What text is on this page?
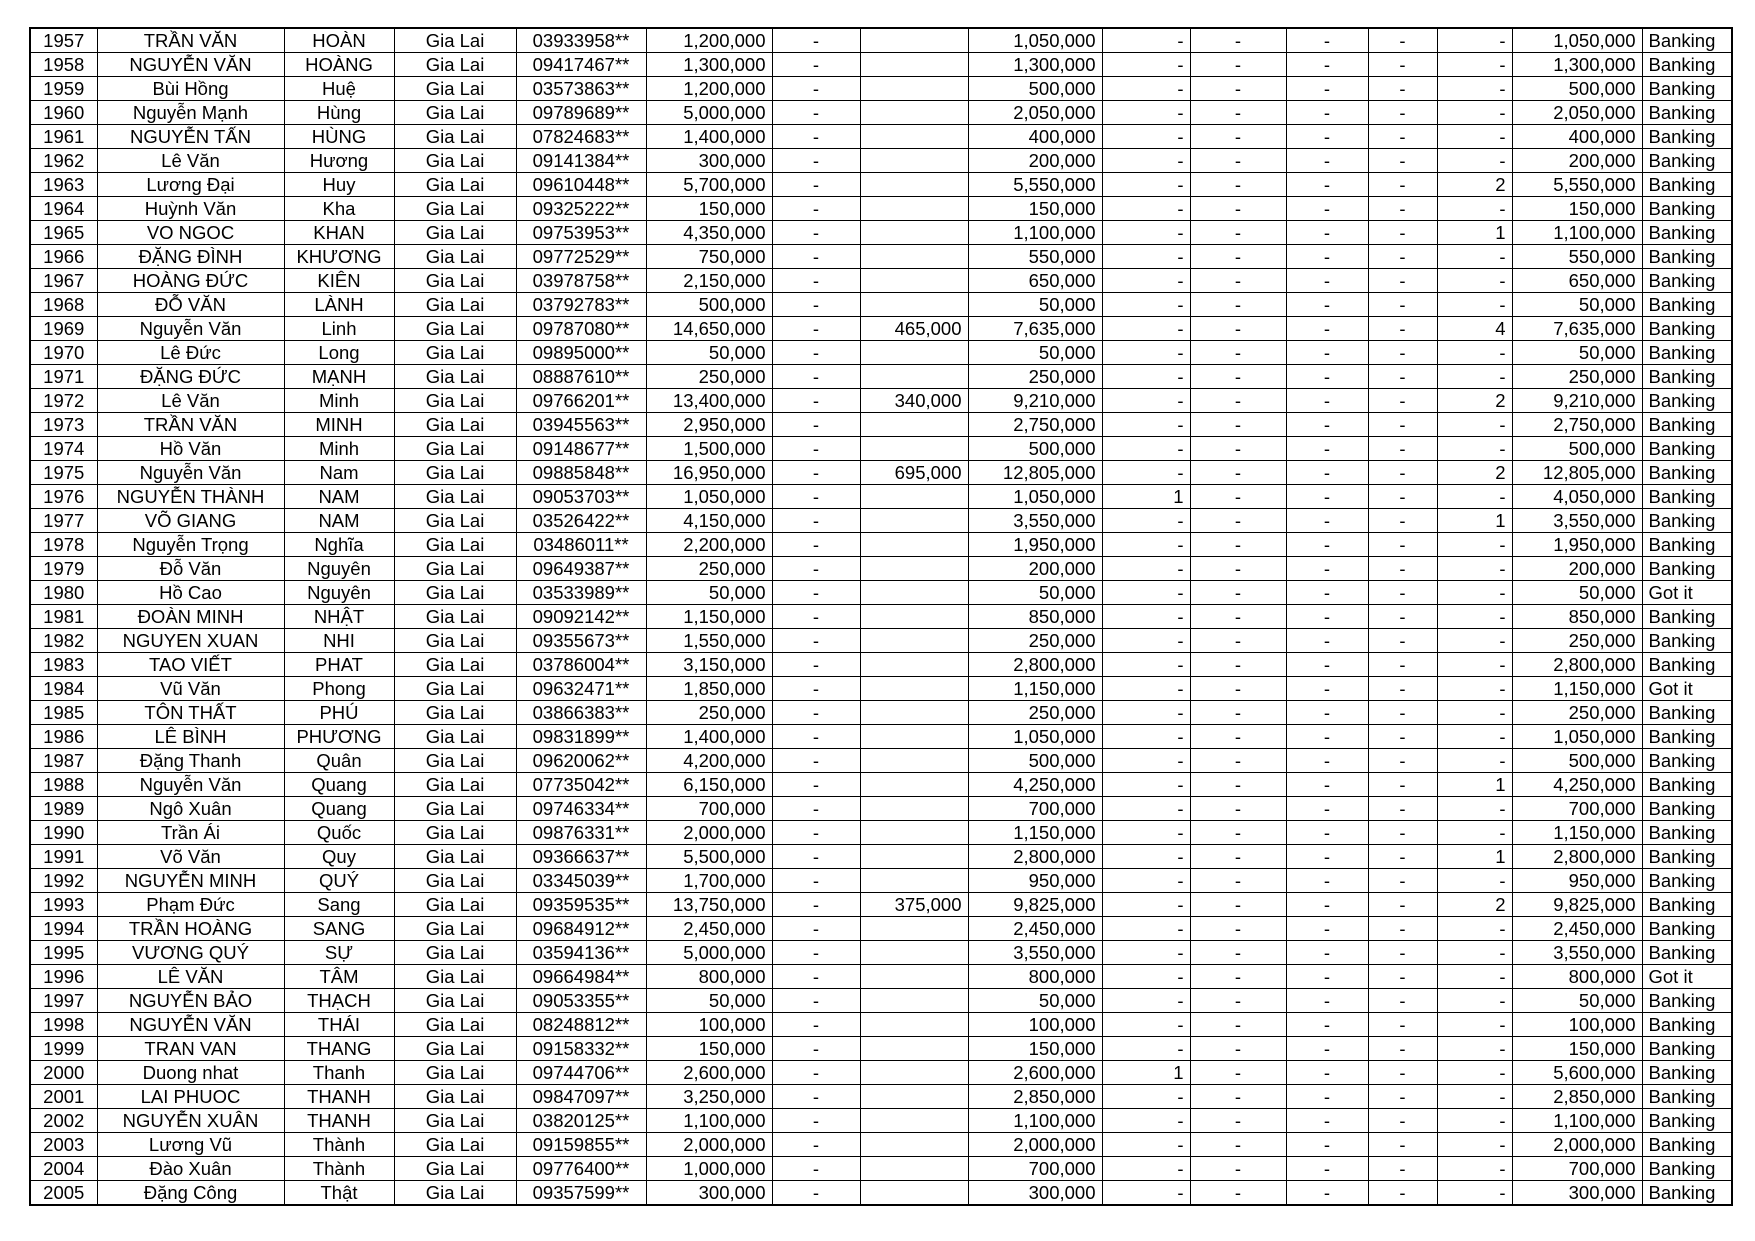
1957	TRẦN VĂN	HOÀN	Gia Lai	03933958**	1,200,000	-		1,050,000	-	-	-	-	-	1,050,000	Banking
1958	NGUYỄN VĂN	HOÀNG	Gia Lai	09417467**	1,300,000	-		1,300,000	-	-	-	-	-	1,300,000	Banking
1959	Bùi Hồng	Huệ	Gia Lai	03573863**	1,200,000	-		500,000	-	-	-	-	-	500,000	Banking
1960	Nguyễn Mạnh	Hùng	Gia Lai	09789689**	5,000,000	-		2,050,000	-	-	-	-	-	2,050,000	Banking
1961	NGUYỄN TẤN	HÙNG	Gia Lai	07824683**	1,400,000	-		400,000	-	-	-	-	-	400,000	Banking
1962	Lê Văn	Hương	Gia Lai	09141384**	300,000	-		200,000	-	-	-	-	-	200,000	Banking
1963	Lương Đại	Huy	Gia Lai	09610448**	5,700,000	-		5,550,000	-	-	-	-	2	5,550,000	Banking
1964	Huỳnh Văn	Kha	Gia Lai	09325222**	150,000	-		150,000	-	-	-	-	-	150,000	Banking
1965	VO NGOC	KHAN	Gia Lai	09753953**	4,350,000	-		1,100,000	-	-	-	-	1	1,100,000	Banking
1966	ĐẶNG ĐÌNH	KHƯƠNG	Gia Lai	09772529**	750,000	-		550,000	-	-	-	-	-	550,000	Banking
1967	HOÀNG ĐỨC	KIÊN	Gia Lai	03978758**	2,150,000	-		650,000	-	-	-	-	-	650,000	Banking
1968	ĐỖ VĂN	LÀNH	Gia Lai	03792783**	500,000	-		50,000	-	-	-	-	-	50,000	Banking
1969	Nguyễn Văn	Linh	Gia Lai	09787080**	14,650,000	-	465,000	7,635,000	-	-	-	-	4	7,635,000	Banking
1970	Lê Đức	Long	Gia Lai	09895000**	50,000	-		50,000	-	-	-	-	-	50,000	Banking
1971	ĐẶNG ĐỨC	MẠNH	Gia Lai	08887610**	250,000	-		250,000	-	-	-	-	-	250,000	Banking
1972	Lê Văn	Minh	Gia Lai	09766201**	13,400,000	-	340,000	9,210,000	-	-	-	-	2	9,210,000	Banking
1973	TRẦN VĂN	MINH	Gia Lai	03945563**	2,950,000	-		2,750,000	-	-	-	-	-	2,750,000	Banking
1974	Hồ Văn	Minh	Gia Lai	09148677**	1,500,000	-		500,000	-	-	-	-	-	500,000	Banking
1975	Nguyễn Văn	Nam	Gia Lai	09885848**	16,950,000	-	695,000	12,805,000	-	-	-	-	2	12,805,000	Banking
1976	NGUYỄN THÀNH	NAM	Gia Lai	09053703**	1,050,000	-		1,050,000	1	-	-	-	-	4,050,000	Banking
1977	VÕ GIANG	NAM	Gia Lai	03526422**	4,150,000	-		3,550,000	-	-	-	-	1	3,550,000	Banking
1978	Nguyễn Trọng	Nghĩa	Gia Lai	03486011**	2,200,000	-		1,950,000	-	-	-	-	-	1,950,000	Banking
1979	Đỗ Văn	Nguyên	Gia Lai	09649387**	250,000	-		200,000	-	-	-	-	-	200,000	Banking
1980	Hồ Cao	Nguyên	Gia Lai	03533989**	50,000	-		50,000	-	-	-	-	-	50,000	Got it
1981	ĐOÀN MINH	NHẬT	Gia Lai	09092142**	1,150,000	-		850,000	-	-	-	-	-	850,000	Banking
1982	NGUYEN XUAN	NHI	Gia Lai	09355673**	1,550,000	-		250,000	-	-	-	-	-	250,000	Banking
1983	TAO VIẾT	PHAT	Gia Lai	03786004**	3,150,000	-		2,800,000	-	-	-	-	-	2,800,000	Banking
1984	Vũ Văn	Phong	Gia Lai	09632471**	1,850,000	-		1,150,000	-	-	-	-	-	1,150,000	Got it
1985	TÔN THẤT	PHÚ	Gia Lai	03866383**	250,000	-		250,000	-	-	-	-	-	250,000	Banking
1986	LÊ BÌNH	PHƯƠNG	Gia Lai	09831899**	1,400,000	-		1,050,000	-	-	-	-	-	1,050,000	Banking
1987	Đặng Thanh	Quân	Gia Lai	09620062**	4,200,000	-		500,000	-	-	-	-	-	500,000	Banking
1988	Nguyễn Văn	Quang	Gia Lai	07735042**	6,150,000	-		4,250,000	-	-	-	-	1	4,250,000	Banking
1989	Ngô Xuân	Quang	Gia Lai	09746334**	700,000	-		700,000	-	-	-	-	-	700,000	Banking
1990	Trần Ái	Quốc	Gia Lai	09876331**	2,000,000	-		1,150,000	-	-	-	-	-	1,150,000	Banking
1991	Võ Văn	Quy	Gia Lai	09366637**	5,500,000	-		2,800,000	-	-	-	-	1	2,800,000	Banking
1992	NGUYỄN MINH	QUÝ	Gia Lai	03345039**	1,700,000	-		950,000	-	-	-	-	-	950,000	Banking
1993	Phạm Đức	Sang	Gia Lai	09359535**	13,750,000	-	375,000	9,825,000	-	-	-	-	2	9,825,000	Banking
1994	TRẦN HOÀNG	SANG	Gia Lai	09684912**	2,450,000	-		2,450,000	-	-	-	-	-	2,450,000	Banking
1995	VƯƠNG QUÝ	SỰ	Gia Lai	03594136**	5,000,000	-		3,550,000	-	-	-	-	-	3,550,000	Banking
1996	LÊ VĂN	TÂM	Gia Lai	09664984**	800,000	-		800,000	-	-	-	-	-	800,000	Got it
1997	NGUYỄN BẢO	THẠCH	Gia Lai	09053355**	50,000	-		50,000	-	-	-	-	-	50,000	Banking
1998	NGUYỄN VĂN	THÁI	Gia Lai	08248812**	100,000	-		100,000	-	-	-	-	-	100,000	Banking
1999	TRAN VAN	THANG	Gia Lai	09158332**	150,000	-		150,000	-	-	-	-	-	150,000	Banking
2000	Duong nhat	Thanh	Gia Lai	09744706**	2,600,000	-		2,600,000	1	-	-	-	-	5,600,000	Banking
2001	LAI PHUOC	THANH	Gia Lai	09847097**	3,250,000	-		2,850,000	-	-	-	-	-	2,850,000	Banking
2002	NGUYỄN XUÂN	THANH	Gia Lai	03820125**	1,100,000	-		1,100,000	-	-	-	-	-	1,100,000	Banking
2003	Lương Vũ	Thành	Gia Lai	09159855**	2,000,000	-		2,000,000	-	-	-	-	-	2,000,000	Banking
2004	Đào Xuân	Thành	Gia Lai	09776400**	1,000,000	-		700,000	-	-	-	-	-	700,000	Banking
2005	Đặng Công	Thật	Gia Lai	09357599**	300,000	-		300,000	-	-	-	-	-	300,000	Banking
